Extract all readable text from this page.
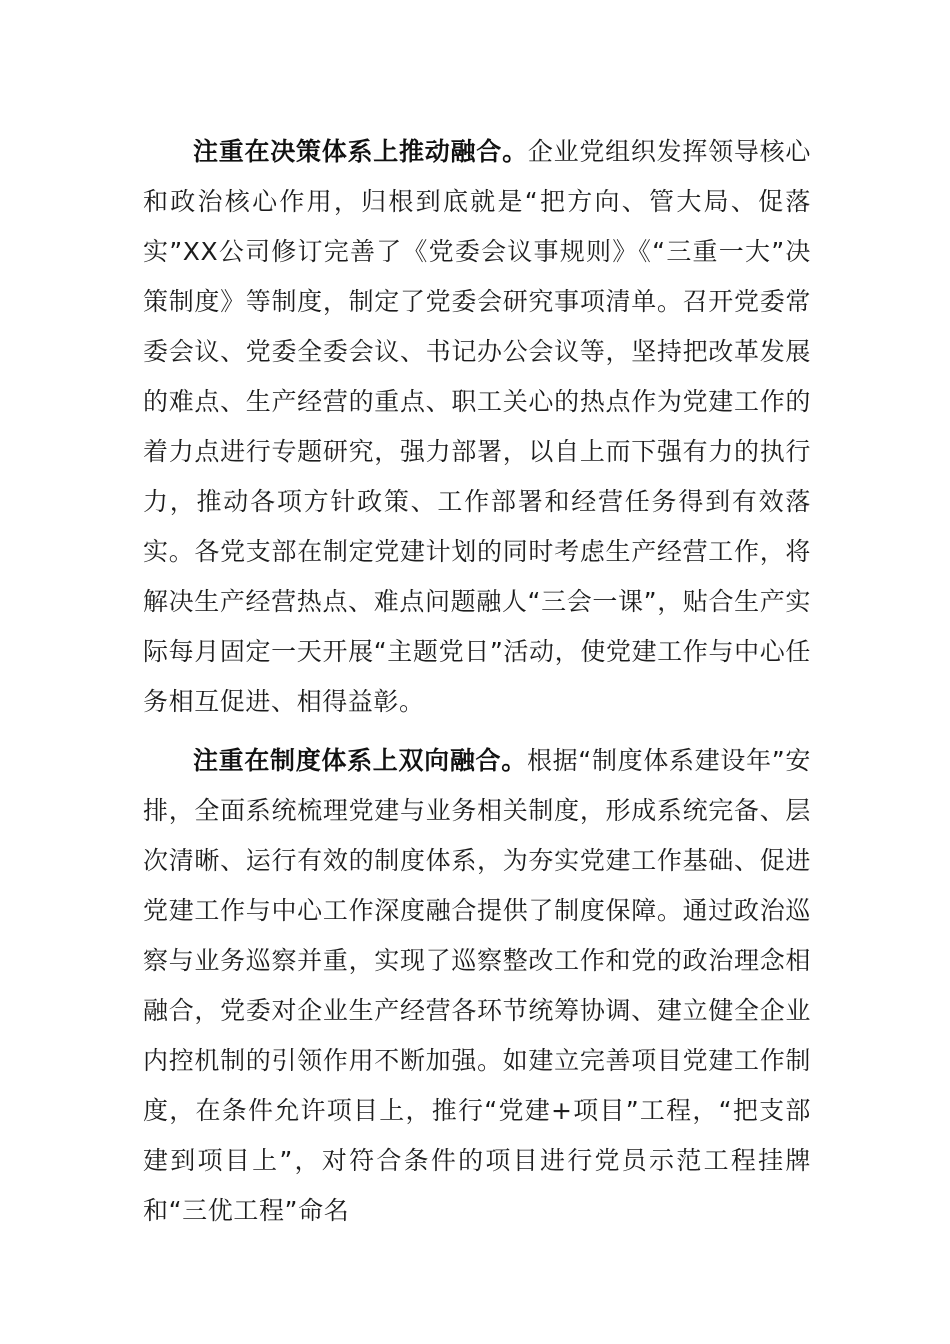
注重在决策体系上推动融合。企业党组织发挥领导核心和政治核心作用，归根到底就是“把方向、管大局、促落实”XX公司修订完善了《党委会议事规则》《“三重一大”决策制度》等制度，制定了党委会研究事项清单。召开党委常委会议、党委全委会议、书记办公会议等，坚持把改革发展的难点、生产经营的重点、职工关心的热点作为党建工作的着力点进行专题研究，强力部署，以自上而下强有力的执行力，推动各项方针政策、工作部署和经营任务得到有效落实。各党支部在制定党建计划的同时考虑生产经营工作，将解决生产经营热点、难点问题融人“三会一课”，贴合生产实际每月固定一天开展“主题党日”活动，使党建工作与中心任务相互促进、相得益彰。

注重在制度体系上双向融合。根据“制度体系建设年”安排，全面系统梳理党建与业务相关制度，形成系统完备、层次清晰、运行有效的制度体系，为夯实党建工作基础、促进党建工作与中心工作深度融合提供了制度保障。通过政治巡察与业务巡察并重，实现了巡察整改工作和党的政治理念相融合，党委对企业生产经营各环节统筹协调、建立健全企业内控机制的引领作用不断加强。如建立完善项目党建工作制度，在条件允许项目上，推行“党建+项目”工程，“把支部建到项目上”，对符合条件的项目进行党员示范工程挂牌和“三优工程”命名
